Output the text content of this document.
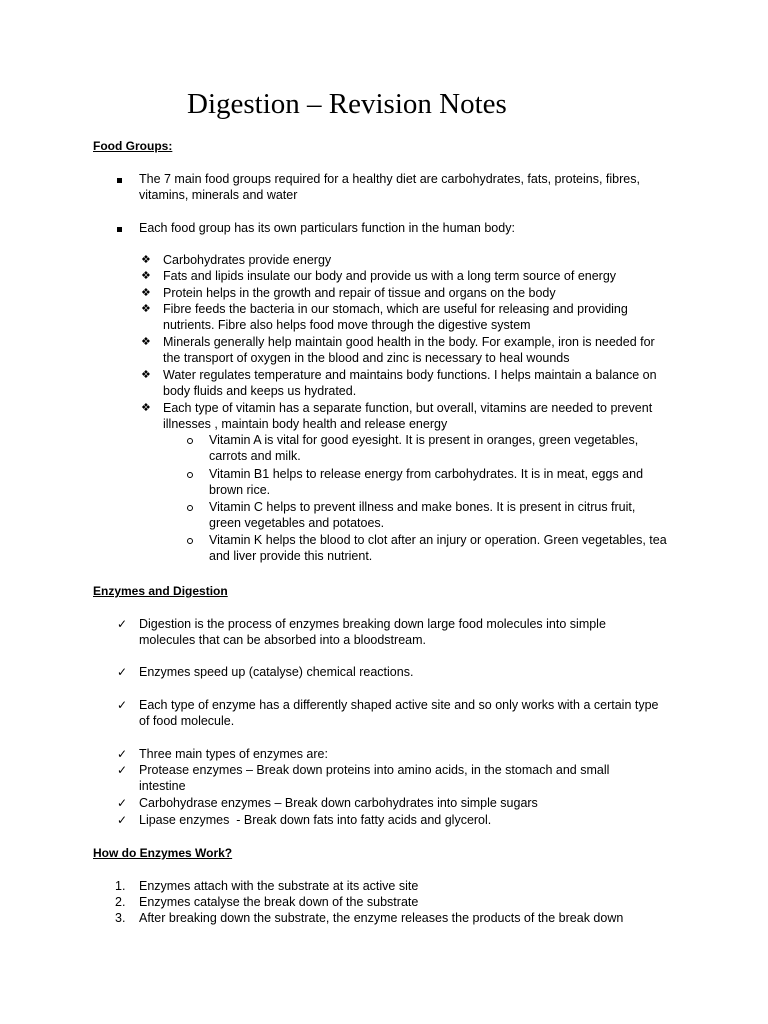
Digestion – Revision Notes
Food Groups:
The 7 main food groups required for a healthy diet are carbohydrates, fats, proteins, fibres, vitamins, minerals and water
Each food group has its own particulars function in the human body:
❖ Carbohydrates provide energy
❖ Fats and lipids insulate our body and provide us with a long term source of energy
❖ Protein helps in the growth and repair of tissue and organs on the body
❖ Fibre feeds the bacteria in our stomach, which are useful for releasing and providing nutrients. Fibre also helps food move through the digestive system
❖ Minerals generally help maintain good health in the body. For example, iron is needed for the transport of oxygen in the blood and zinc is necessary to heal wounds
❖ Water regulates temperature and maintains body functions. I helps maintain a balance on body fluids and keeps us hydrated.
❖ Each type of vitamin has a separate function, but overall, vitamins are needed to prevent illnesses , maintain body health and release energy
Vitamin A is vital for good eyesight. It is present in oranges, green vegetables, carrots and milk.
Vitamin B1 helps to release energy from carbohydrates. It is in meat, eggs and brown rice.
Vitamin C helps to prevent illness and make bones. It is present in citrus fruit, green vegetables and potatoes.
Vitamin K helps the blood to clot after an injury or operation. Green vegetables, tea and liver provide this nutrient.
Enzymes and Digestion
✓ Digestion is the process of enzymes breaking down large food molecules into simple molecules that can be absorbed into a bloodstream.
✓ Enzymes speed up (catalyse) chemical reactions.
✓ Each type of enzyme has a differently shaped active site and so only works with a certain type of food molecule.
✓ Three main types of enzymes are:
✓ Protease enzymes – Break down proteins into amino acids, in the stomach and small intestine
✓ Carbohydrase enzymes – Break down carbohydrates into simple sugars
✓ Lipase enzymes  - Break down fats into fatty acids and glycerol.
How do Enzymes Work?
1. Enzymes attach with the substrate at its active site
2. Enzymes catalyse the break down of the substrate
3. After breaking down the substrate, the enzyme releases the products of the break down
